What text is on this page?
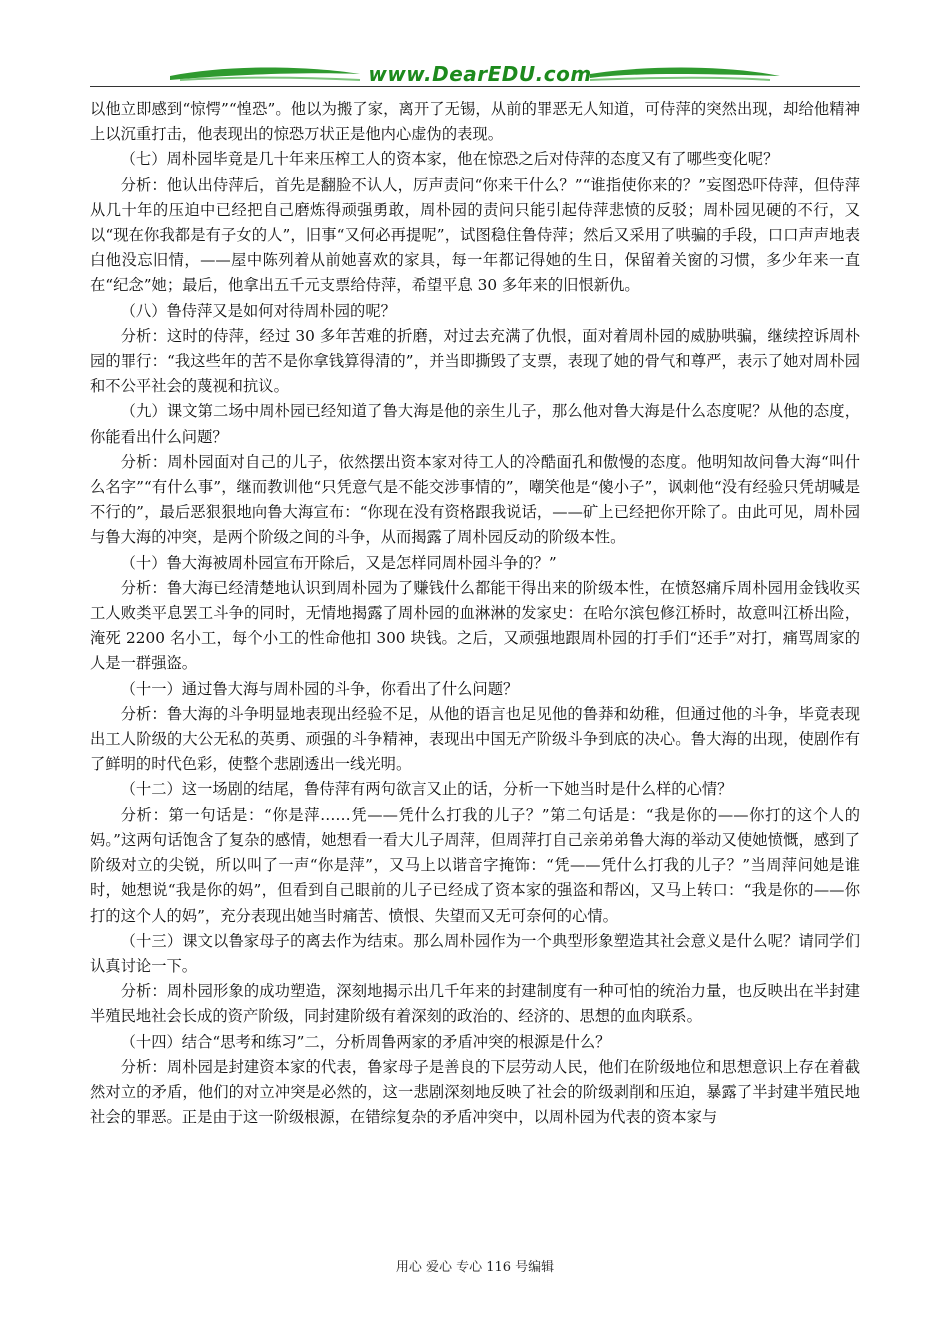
www.DearEDU.com

以他立即感到“惊愕”“惶恐”。他以为搬了家，离开了无锡，从前的罪恶无人知道，可侍萍的突然出现，却给他精神上以沉重打击，他表现出的惊恐万状正是他内心虚伪的表现。

（七）周朴园毕竟是几十年来压榨工人的资本家，他在惊恐之后对侍萍的态度又有了哪些变化呢？

分析：他认出侍萍后，首先是翻脸不认人，厉声责问“你来干什么？”“谁指使你来的？”妄图恐吓侍萍，但侍萍从几十年的压迫中已经把自己磨炼得顽强勇敢，周朴园的责问只能引起侍萍悲愤的反驳；周朴园见硬的不行，又以“现在你我都是有子女的人”，旧事“又何必再提呢”，试图稳住鲁侍萍；然后又采用了哄骗的手段，口口声声地表白他没忘旧情，——屋中陈列着从前她喜欢的家具，每一年都记得她的生日，保留着关窗的习惯，多少年来一直在“纪念”她；最后，他拿出五千元支票给侍萍，希望平息 30 多年来的旧恨新仇。

（八）鲁侍萍又是如何对待周朴园的呢？

分析：这时的侍萍，经过 30 多年苦难的折磨，对过去充满了仇恨，面对着周朴园的威胁哄骗，继续控诉周朴园的罪行：“我这些年的苦不是你拿钱算得清的”，并当即撕毁了支票，表现了她的骨气和尊严，表示了她对周朴园和不公平社会的蔑视和抗议。

（九）课文第二场中周朴园已经知道了鲁大海是他的亲生儿子，那么他对鲁大海是什么态度呢？从他的态度，你能看出什么问题？

分析：周朴园面对自己的儿子，依然摆出资本家对待工人的冷酷面孔和傲慢的态度。他明知故问鲁大海“叫什么名字”“有什么事”，继而教训他“只凭意气是不能交涉事情的”，嘲笑他是“傻小子”，讽刺他“没有经验只凭胡喊是不行的”，最后恶狠狠地向鲁大海宣布：“你现在没有资格跟我说话，——矿上已经把你开除了。由此可见，周朴园与鲁大海的冲突，是两个阶级之间的斗争，从而揭露了周朴园反动的阶级本性。

（十）鲁大海被周朴园宣布开除后，又是怎样同周朴园斗争的？”

分析：鲁大海已经清楚地认识到周朴园为了赚钱什么都能干得出来的阶级本性，在愤怒痛斥周朴园用金钱收买工人败类平息罢工斗争的同时，无情地揭露了周朴园的血淋淋的发家史：在哈尔滨包修江桥时，故意叫江桥出险，淹死 2200 名小工，每个小工的性命他扣 300 块钱。之后，又顽强地跟周朴园的打手们“还手”对打，痛骂周家的人是一群强盗。

（十一）通过鲁大海与周朴园的斗争，你看出了什么问题？

分析：鲁大海的斗争明显地表现出经验不足，从他的语言也足见他的鲁莽和幼稚，但通过他的斗争，毕竟表现出工人阶级的大公无私的英勇、顽强的斗争精神，表现出中国无产阶级斗争到底的决心。鲁大海的出现，使剧作有了鲜明的时代色彩，使整个悲剧透出一线光明。

（十二）这一场剧的结尾，鲁侍萍有两句欲言又止的话，分析一下她当时是什么样的心情？

分析：第一句话是：“你是萍……凭——凭什么打我的儿子？”第二句话是：“我是你的——你打的这个人的妈。”这两句话饱含了复杂的感情，她想看一看大儿子周萍，但周萍打自己亲弟弟鲁大海的举动又使她愤慨，感到了阶级对立的尖锐，所以叫了一声“你是萍”，又马上以谐音字掩饰：“凭——凭什么打我的儿子？”当周萍问她是谁时，她想说“我是你的妈”，但看到自己眼前的儿子已经成了资本家的强盗和帮凶，又马上转口：“我是你的——你打的这个人的妈”，充分表现出她当时痛苦、愤恨、失望而又无可奈何的心情。

（十三）课文以鲁家母子的离去作为结束。那么周朴园作为一个典型形象塑造其社会意义是什么呢？请同学们认真讨论一下。

分析：周朴园形象的成功塑造，深刻地揭示出几千年来的封建制度有一种可怕的统治力量，也反映出在半封建半殖民地社会长成的资产阶级，同封建阶级有着深刻的政治的、经济的、思想的血肉联系。

（十四）结合“思考和练习”二，分析周鲁两家的矛盾冲突的根源是什么？

分析：周朴园是封建资本家的代表，鲁家母子是善良的下层劳动人民，他们在阶级地位和思想意识上存在着截然对立的矛盾，他们的对立冲突是必然的，这一悲剧深刻地反映了社会的阶级剥削和压迫，暴露了半封建半殖民地社会的罪恶。正是由于这一阶级根源，在错综复杂的矛盾冲突中，以周朴园为代表的资本家与

用心 爱心 专心 116 号编辑
